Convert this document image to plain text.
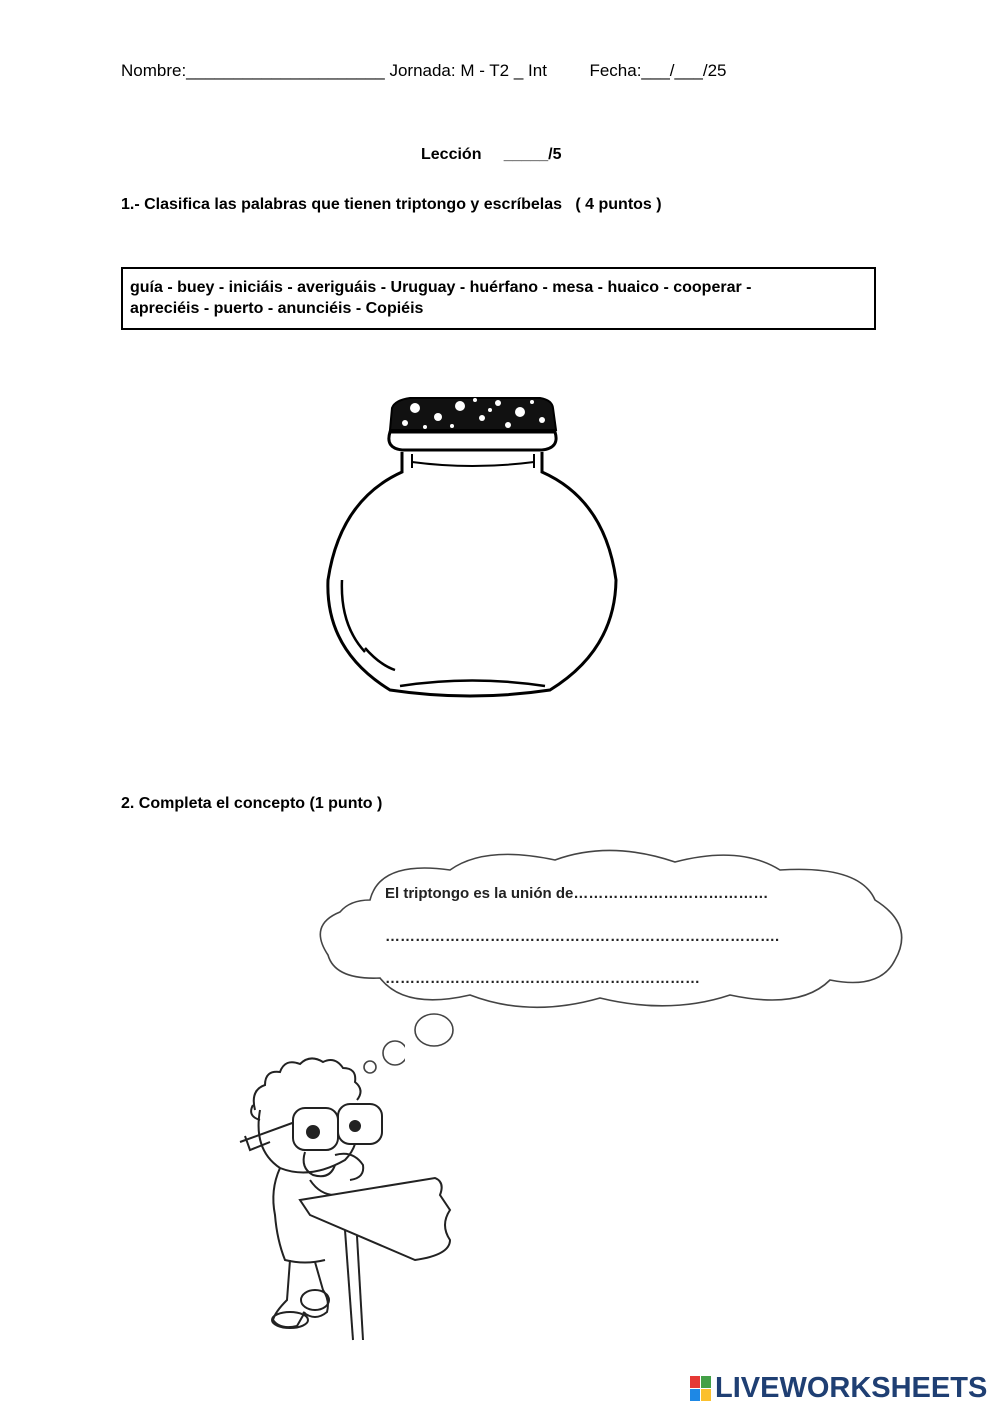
Nombre:_____________________ Jornada: M - T2 _ Int         Fecha:___/___/25
Lección     _____/5
1.- Clasifica las palabras que tienen triptongo y escríbelas   ( 4 puntos )
guía - buey - iniciáis - averiguáis - Uruguay - huérfano - mesa - huaico - cooperar -
apreciéis - puerto - anunciéis - Copiéis
2. Completa el concepto (1 punto )
El triptongo es la unión de…………………………………
…………………………………………………………………….
………………………………………………………
LIVEWORKSHEETS
